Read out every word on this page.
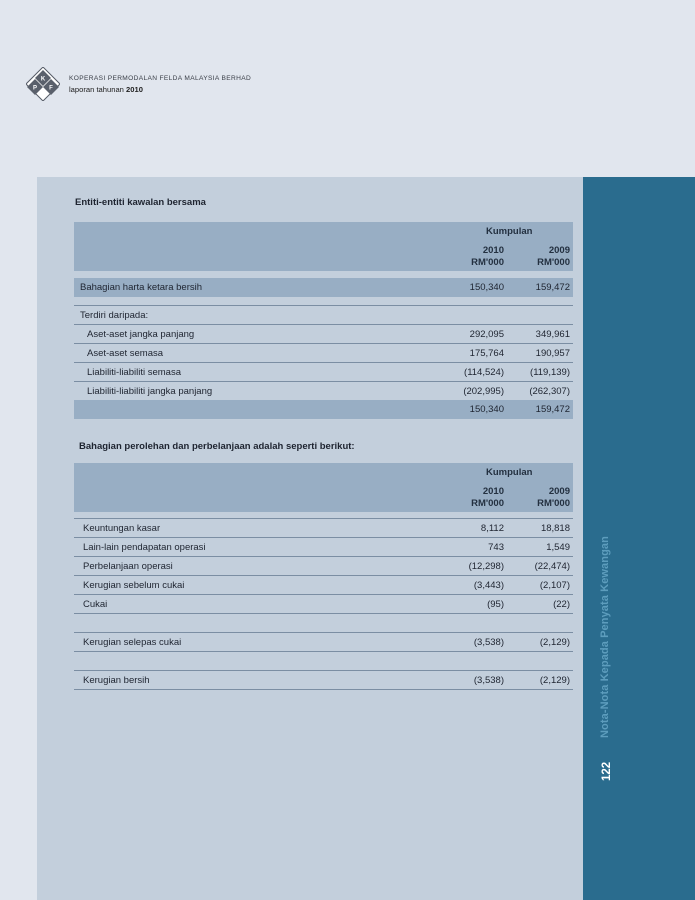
K
P F
KOPERASI PERMODALAN FELDA MALAYSIA BERHAD
laporan tahunan 2010
Nota-Nota Kepada Penyata Kewangan
122
Entiti-entiti kawalan bersama
Kumpulan
2010
RM'000
2009
RM'000
Bahagian harta ketara bersih	150,340	159,472
Terdiri daripada:
Aset-aset jangka panjang	292,095	349,961
Aset-aset semasa	175,764	190,957
Liabiliti-liabiliti semasa	(114,524)	(119,139)
Liabiliti-liabiliti jangka panjang	(202,995)	(262,307)
150,340	159,472
Bahagian perolehan dan perbelanjaan adalah seperti berikut:
Kumpulan
2010
RM'000
2009
RM'000
Keuntungan kasar	8,112	18,818
Lain-lain pendapatan operasi	743	1,549
Perbelanjaan operasi	(12,298)	(22,474)
Kerugian sebelum cukai	(3,443)	(2,107)
Cukai	(95)	(22)
Kerugian selepas cukai	(3,538)	(2,129)
Kerugian bersih	(3,538)	(2,129)
